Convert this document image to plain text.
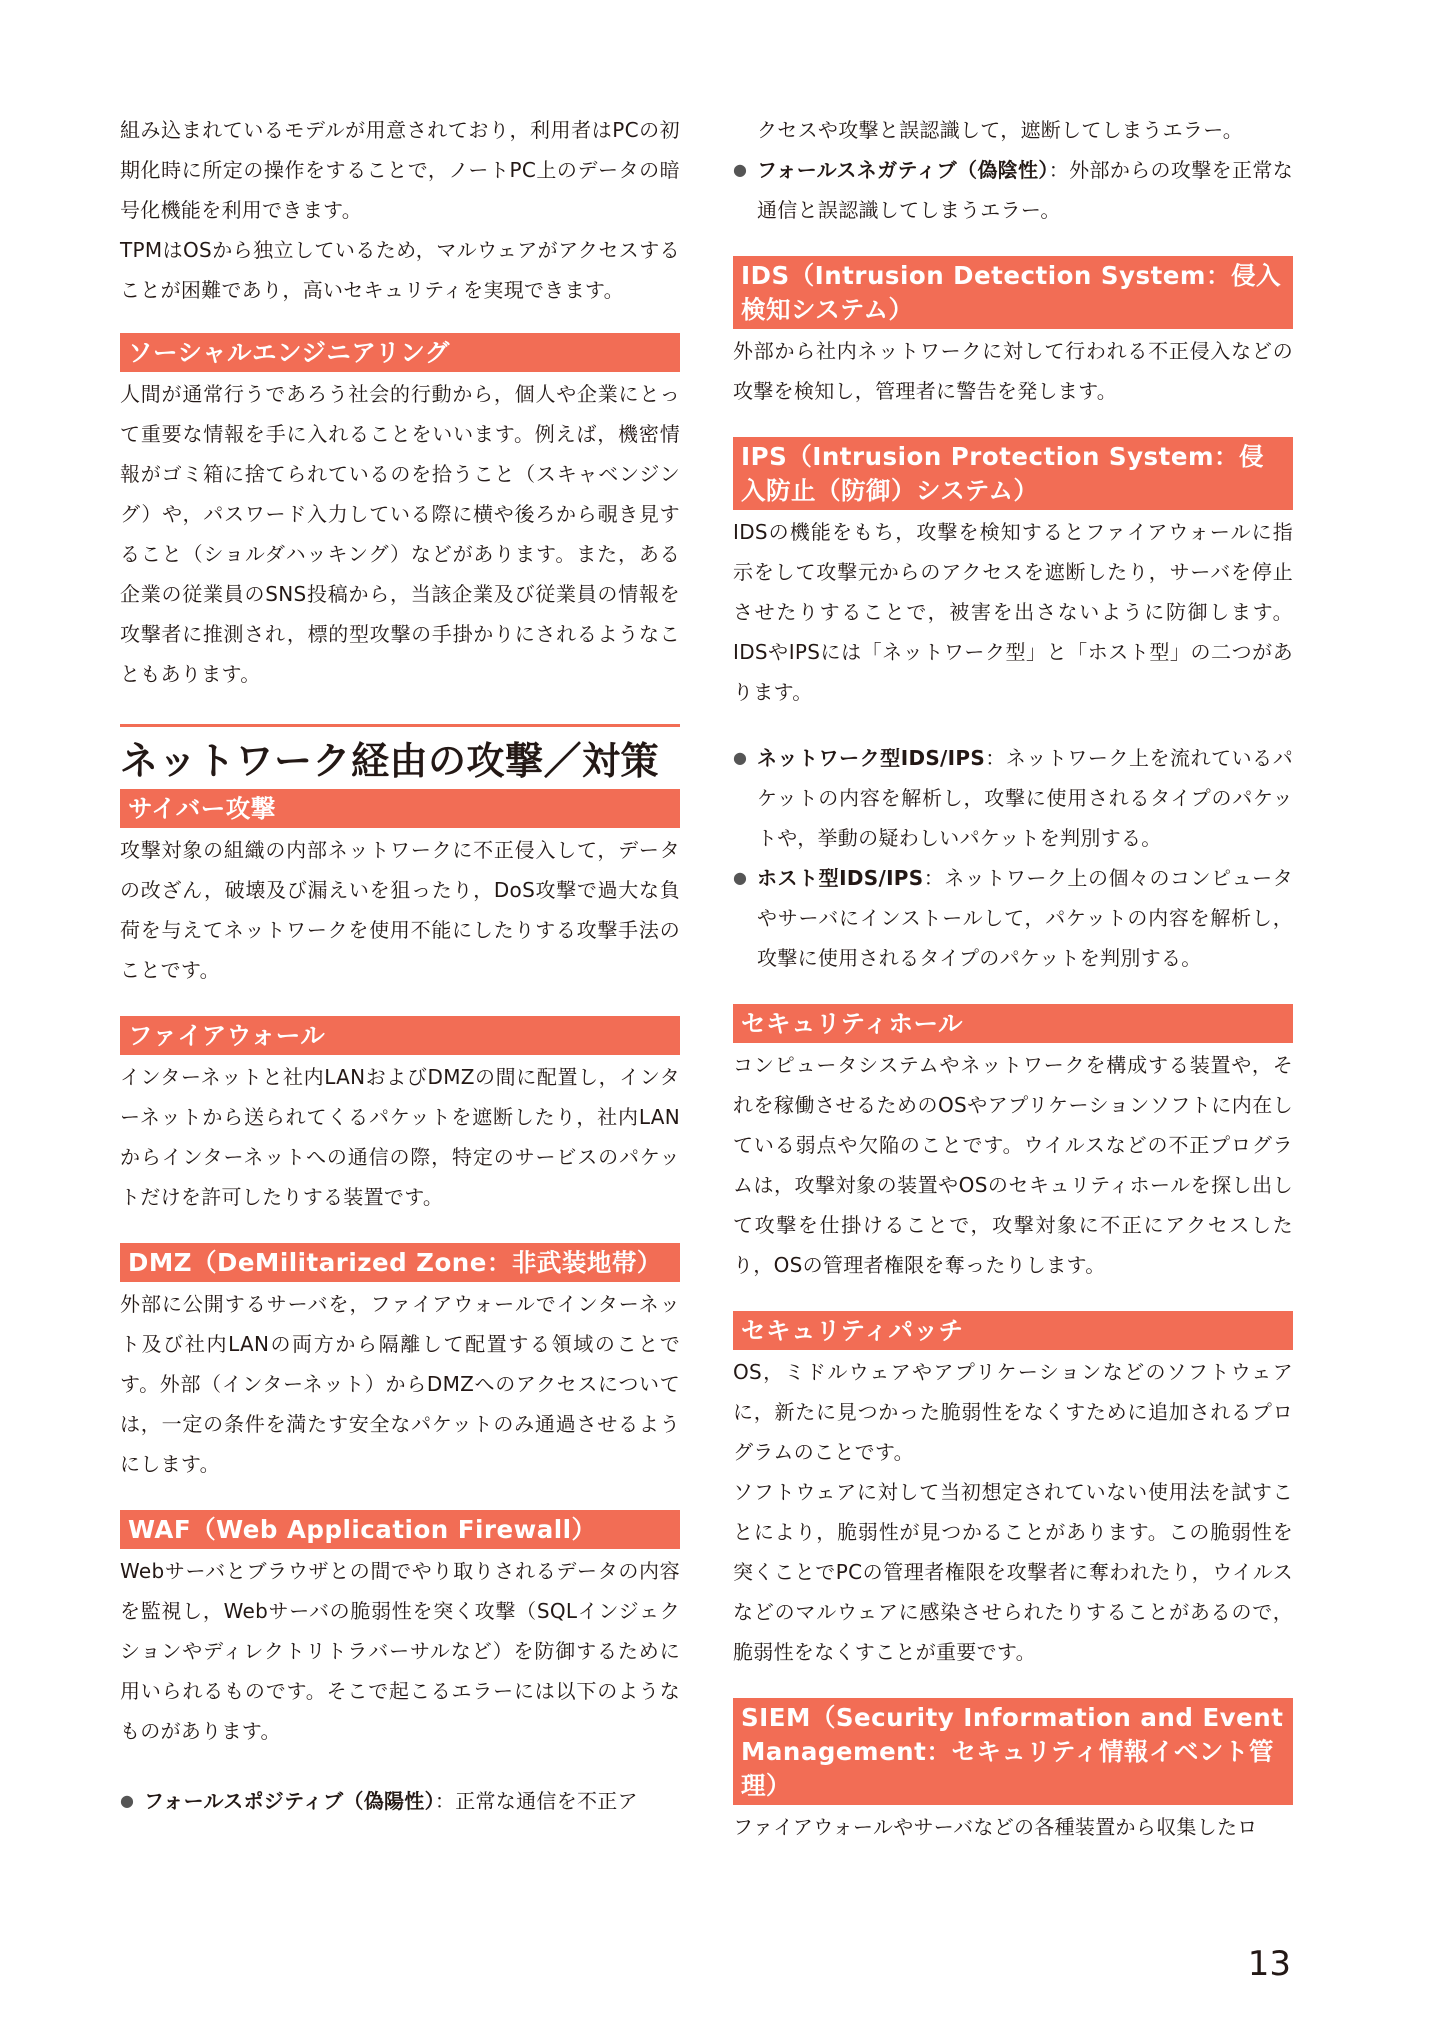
組み込まれているモデルが用意されており，利用者はPCの初期化時に所定の操作をすることで，ノートPC上のデータの暗号化機能を利用できます。

TPMはOSから独立しているため，マルウェアがアクセスすることが困難であり，高いセキュリティを実現できます。

ソーシャルエンジニアリング

人間が通常行うであろう社会的行動から，個人や企業にとって重要な情報を手に入れることをいいます。例えば，機密情報がゴミ箱に捨てられているのを拾うこと（スキャベンジング）や，パスワード入力している際に横や後ろから覗き見すること（ショルダハッキング）などがあります。また，ある企業の従業員のSNS投稿から，当該企業及び従業員の情報を攻撃者に推測され，標的型攻撃の手掛かりにされるようなこともあります。

ネットワーク経由の攻撃／対策
サイバー攻撃

攻撃対象の組織の内部ネットワークに不正侵入して，データの改ざん，破壊及び漏えいを狙ったり，DoS攻撃で過大な負荷を与えてネットワークを使用不能にしたりする攻撃手法のことです。

ファイアウォール

インターネットと社内LANおよびDMZの間に配置し，インターネットから送られてくるパケットを遮断したり，社内LANからインターネットへの通信の際，特定のサービスのパケットだけを許可したりする装置です。

DMZ（DeMilitarized Zone：非武装地帯）

外部に公開するサーバを，ファイアウォールでインターネット及び社内LANの両方から隔離して配置する領域のことです。外部（インターネット）からDMZへのアクセスについては，一定の条件を満たす安全なパケットのみ通過させるようにします。

WAF（Web Application Firewall）

Webサーバとブラウザとの間でやり取りされるデータの内容を監視し，Webサーバの脆弱性を突く攻撃（SQLインジェクションやディレクトリトラバーサルなど）を防御するために用いられるものです。そこで起こるエラーには以下のようなものがあります。

● フォールスポジティブ（偽陽性）：正常な通信を不正ア
クセスや攻撃と誤認識して，遮断してしまうエラー。
● フォールスネガティブ（偽陰性）：外部からの攻撃を正常な通信と誤認識してしまうエラー。
IDS（Intrusion Detection System：侵入検知システム）

外部から社内ネットワークに対して行われる不正侵入などの攻撃を検知し，管理者に警告を発します。

IPS（Intrusion Protection System：侵入防止（防御）システム）

IDSの機能をもち，攻撃を検知するとファイアウォールに指示をして攻撃元からのアクセスを遮断したり，サーバを停止させたりすることで，被害を出さないように防御します。IDSやIPSには「ネットワーク型」と「ホスト型」の二つがあります。

● ネットワーク型IDS/IPS：ネットワーク上を流れているパケットの内容を解析し，攻撃に使用されるタイプのパケットや，挙動の疑わしいパケットを判別する。
● ホスト型IDS/IPS：ネットワーク上の個々のコンピュータやサーバにインストールして，パケットの内容を解析し，攻撃に使用されるタイプのパケットを判別する。
セキュリティホール

コンピュータシステムやネットワークを構成する装置や，それを稼働させるためのOSやアプリケーションソフトに内在している弱点や欠陥のことです。ウイルスなどの不正プログラムは，攻撃対象の装置やOSのセキュリティホールを探し出して攻撃を仕掛けることで，攻撃対象に不正にアクセスしたり，OSの管理者権限を奪ったりします。

セキュリティパッチ

OS，ミドルウェアやアプリケーションなどのソフトウェアに，新たに見つかった脆弱性をなくすために追加されるプログラムのことです。

ソフトウェアに対して当初想定されていない使用法を試すことにより，脆弱性が見つかることがあります。この脆弱性を突くことでPCの管理者権限を攻撃者に奪われたり，ウイルスなどのマルウェアに感染させられたりすることがあるので，脆弱性をなくすことが重要です。

SIEM（Security Information and Event Management：セキュリティ情報イベント管理）

ファイアウォールやサーバなどの各種装置から収集したロ

13
